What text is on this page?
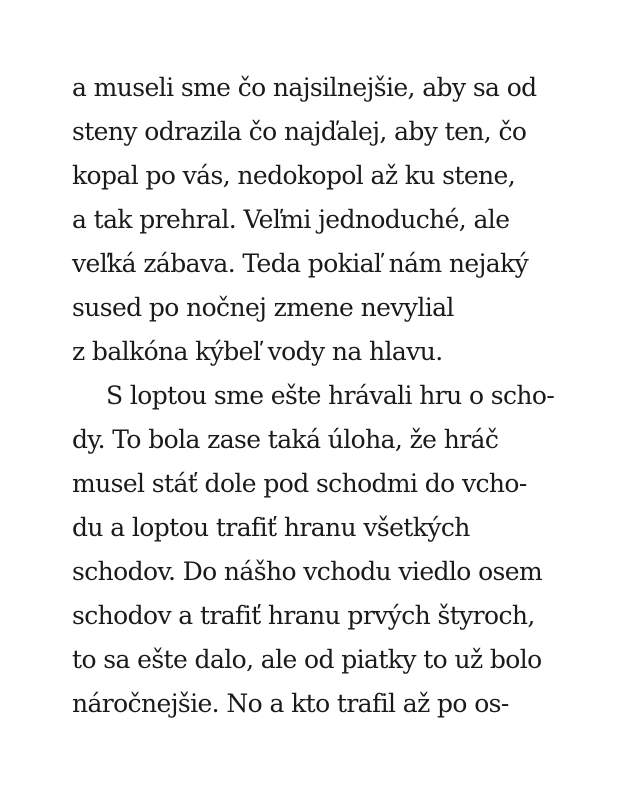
a museli sme čo najsilnejšie, aby sa od
steny odrazila čo najďalej, aby ten, čo
kopal po vás, nedokopol až ku stene,
a tak prehral. Veľmi jednoduché, ale
veľká zábava. Teda pokiaľ nám nejaký
sused po nočnej zmene nevylial
z balkóna kýbeľ vody na hlavu.
S loptou sme ešte hrávali hru o scho-
dy. To bola zase taká úloha, že hráč
musel stáť dole pod schodmi do vcho-
du a loptou trafiť hranu všetkých
schodov. Do nášho vchodu viedlo osem
schodov a trafiť hranu prvých štyroch,
to sa ešte dalo, ale od piatky to už bolo
náročnejšie. No a kto trafil až po os-
